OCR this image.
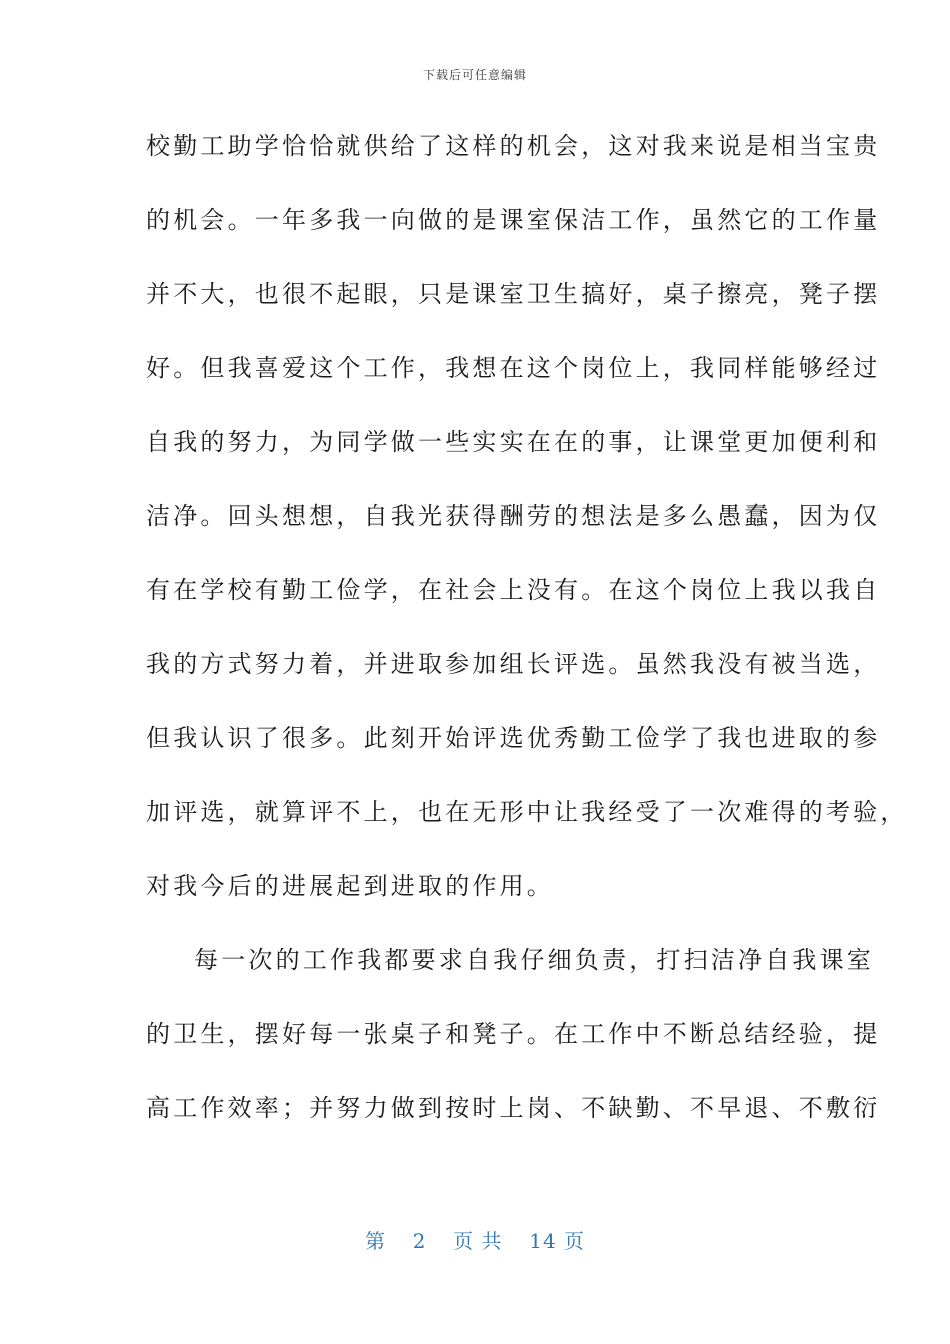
下载后可任意编辑
校勤工助学恰恰就供给了这样的机会，这对我来说是相当宝贵
的机会。一年多我一向做的是课室保洁工作，虽然它的工作量
并不大，也很不起眼，只是课室卫生搞好，桌子擦亮，凳子摆
好。但我喜爱这个工作，我想在这个岗位上，我同样能够经过
自我的努力，为同学做一些实实在在的事，让课堂更加便利和
洁净。回头想想，自我光获得酬劳的想法是多么愚蠢，因为仅
有在学校有勤工俭学，在社会上没有。在这个岗位上我以我自
我的方式努力着，并进取参加组长评选。虽然我没有被当选，
但我认识了很多。此刻开始评选优秀勤工俭学了我也进取的参
加评选，就算评不上，也在无形中让我经受了一次难得的考验，
对我今后的进展起到进取的作用。
每一次的工作我都要求自我仔细负责，打扫洁净自我课室
的卫生，摆好每一张桌子和凳子。在工作中不断总结经验，提
高工作效率；并努力做到按时上岗、不缺勤、不早退、不敷衍
第 2 页 共 14 页
